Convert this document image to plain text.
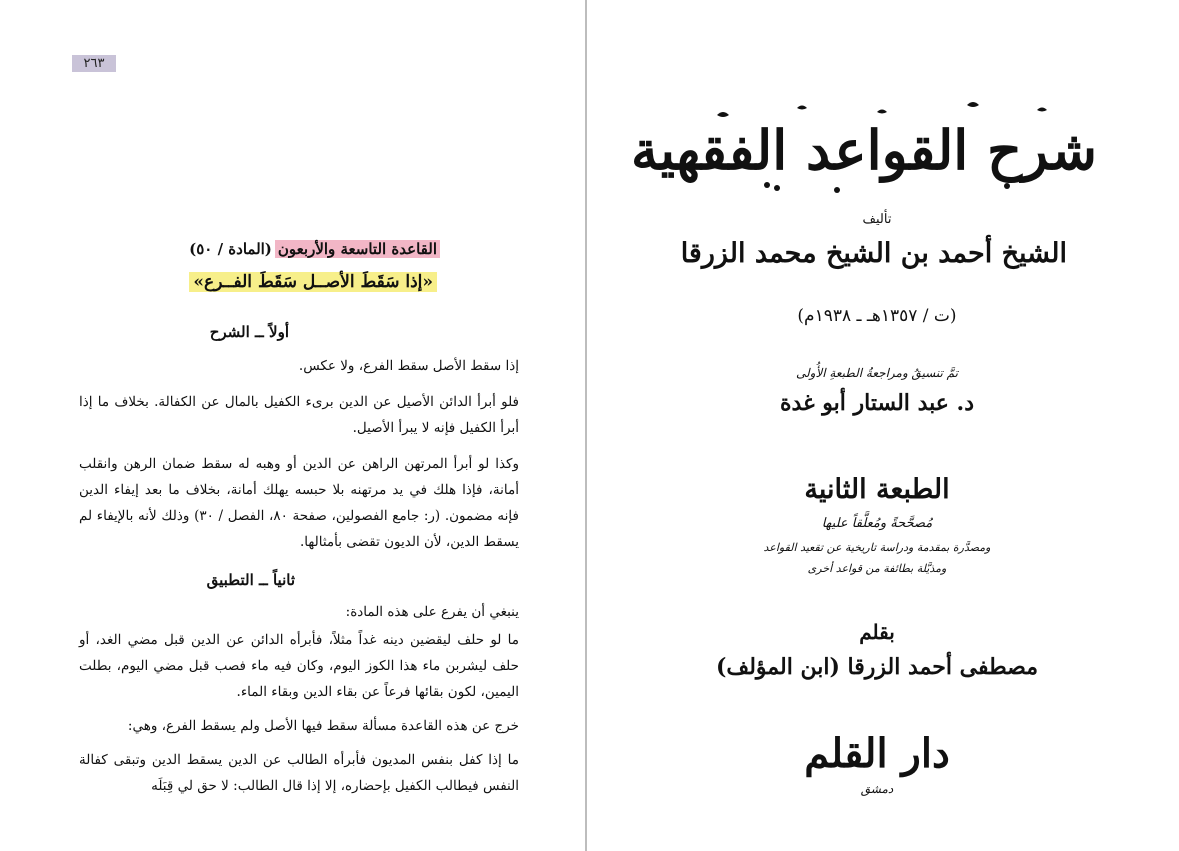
٢٦٣
القاعدة التاسعة والأربعون(المادة / ٥٠)
«إذا سَقَطَ الأصــل سَقَطَ الفــرع»
أولاً ــ الشرح
إذا سقط الأصل سقط الفرع، ولا عكس.
فلو أبرأ الدائن الأصيل عن الدين برىء الكفيل بالمال عن الكفالة. بخلاف ما إذا أبرأ الكفيل فإنه لا يبرأ الأصيل.
وكذا لو أبرأ المرتهن الراهن عن الدين أو وهبه له سقط ضمان الرهن وانقلب أمانة، فإذا هلك في يد مرتهنه بلا حبسه يهلك أمانة، بخلاف ما بعد إيفاء الدين فإنه مضمون. (ر: جامع الفصولين، صفحة ٨٠، الفصل / ٣٠) وذلك لأنه بالإيفاء لم يسقط الدين، لأن الديون تقضى بأمثالها.
ثانياً ــ التطبيق
ينبغي أن يفرع على هذه المادة:
ما لو حلف ليقضين دينه غداً مثلاً، فأبرأه الدائن عن الدين قبل مضي الغد، أو حلف ليشربن ماء هذا الكوز اليوم، وكان فيه ماء فصب قبل مضي اليوم، بطلت اليمين، لكون بقائها فرعاً عن بقاء الدين وبقاء الماء.
خرج عن هذه القاعدة مسألة سقط فيها الأصل ولم يسقط الفرع، وهي:
ما إذا كفل بنفس المديون فأبرأه الطالب عن الدين يسقط الدين وتبقى كفالة النفس فيطالب الكفيل بإحضاره، إلا إذا قال الطالب: لا حق لي قِبَلَه
شرح القواعد الفقهية
تأليف
الشيخ أحمد بن الشيخ محمد الزرقا
(ت / ١٣٥٧هـ ـ ١٩٣٨م)
تمَّ تنسيقُ ومراجعةُ الطبعةِ الأُولى
د. عبد الستار أبو غدة
الطبعة الثانية
مُصحَّحةً ومُعلَّقاً عليها
ومصدَّرة بمقدمة ودراسة تاريخية عن تقعيد القواعد
ومذيَّلة بطائفة من قواعد أخرى
بقلم
مصطفى أحمد الزرقا (ابن المؤلف)
دار القلم
دمشق
